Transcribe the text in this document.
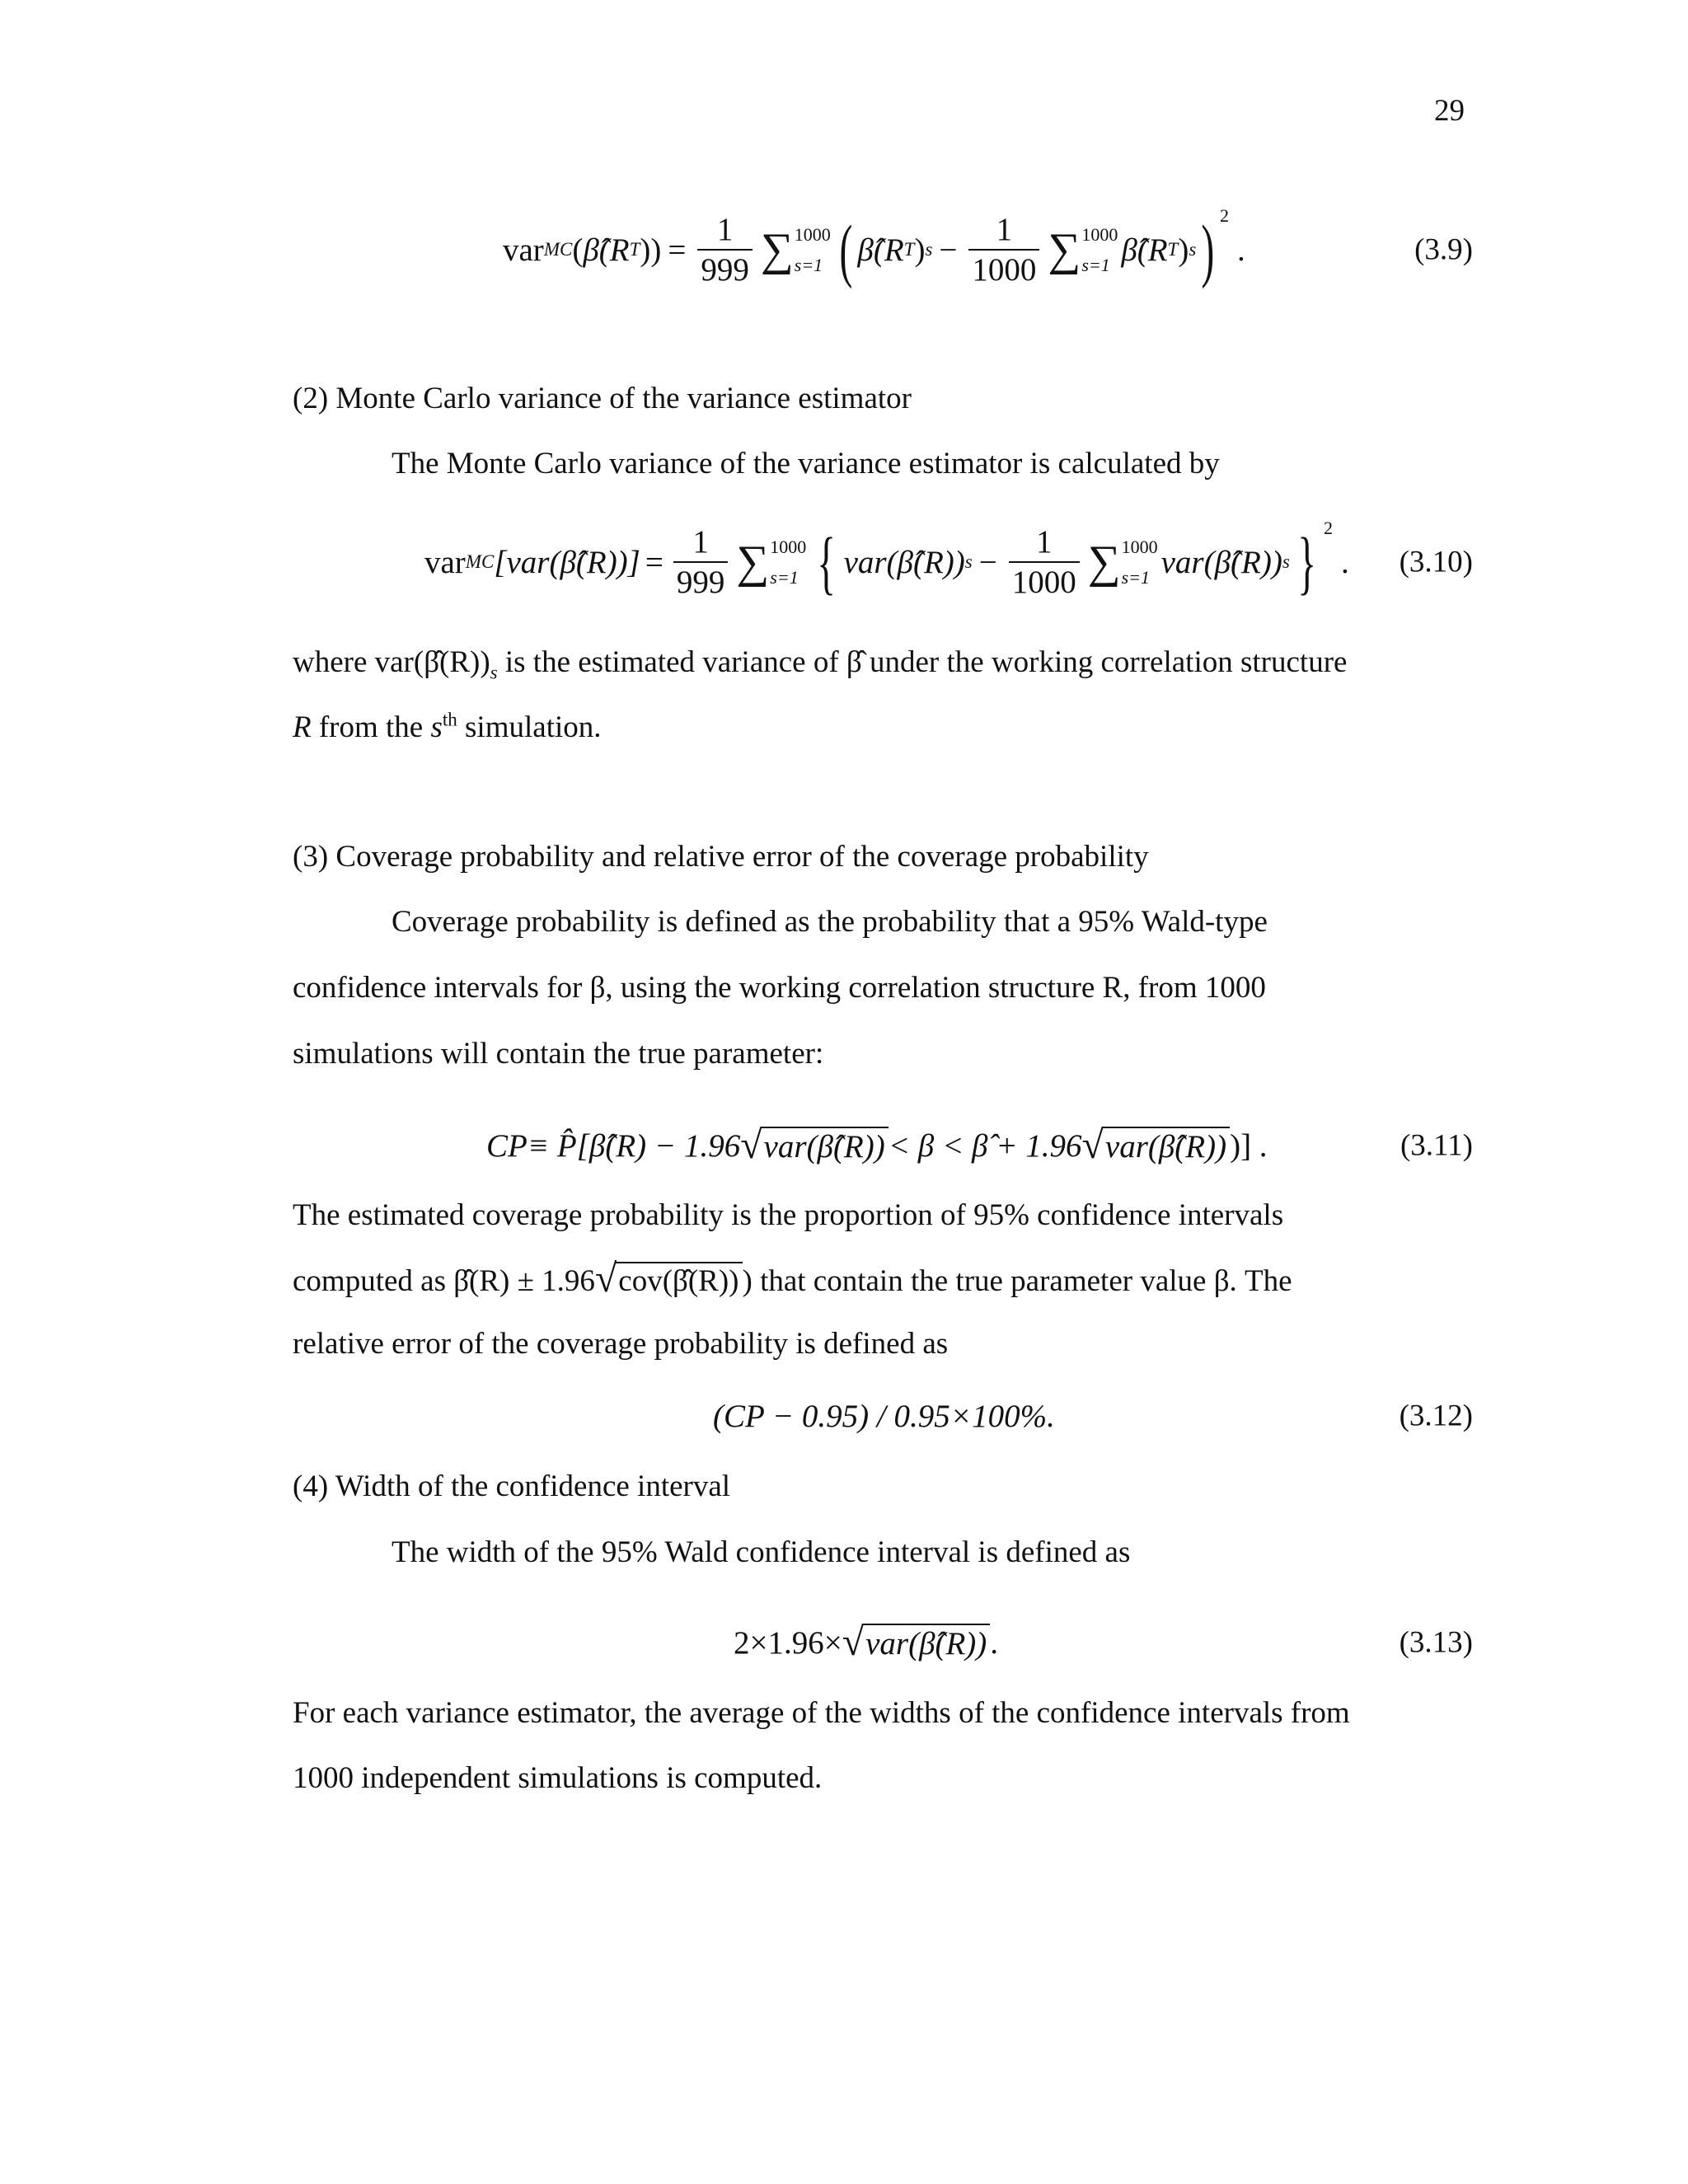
29
var MC ( β̂ (R T )) = $\frac{1}{999}$ ∑ 1000
s=1 ( β̂(R T ) $s - \frac{1}{1000}$ ∑ 1000
s=1 β̂(R T ) s ) 2
.	(3.9)
(2) Monte Carlo variance of the variance estimator
The Monte Carlo variance of the variance estimator is calculated by
var MC [var(β̂(R))] = $\frac{1}{999}$ ∑ 1000
s=1 { var(β̂(R)) $s - \frac{1}{1000}$ ∑ 1000
s=1 var(β̂(R)) s } 2
. (3.10)
where $var(\betâ(R))_s$ is the estimated variance of β̂ under the working correlation structure
R from the $s^{th}$ simulation.
(3) Coverage probability and relative error of the coverage probability
Coverage probability is defined as the probability that a 95% Wald-type
confidence intervals for β, using the working correlation structure R, from 1000
simulations will contain the true parameter:
CP ≡ P̂[β̂(R) − 1.96 √ var(β̂(R)) < β < β̂ + 1.96 √ var(β̂(R)) )] .	(3.11)
The estimated coverage probability is the proportion of 95% confidence intervals
computed as β̂(R) ± 1.96 √ cov(β̂(R)) ) that contain the true parameter value β. The
relative error of the coverage probability is defined as
(CP − 0.95) / 0.95×100%.	(3.12)
(4) Width of the confidence interval
The width of the 95% Wald confidence interval is defined as
2×1.96× √ var(β̂(R)) .	(3.13)
For each variance estimator, the average of the widths of the confidence intervals from
1000 independent simulations is computed.
